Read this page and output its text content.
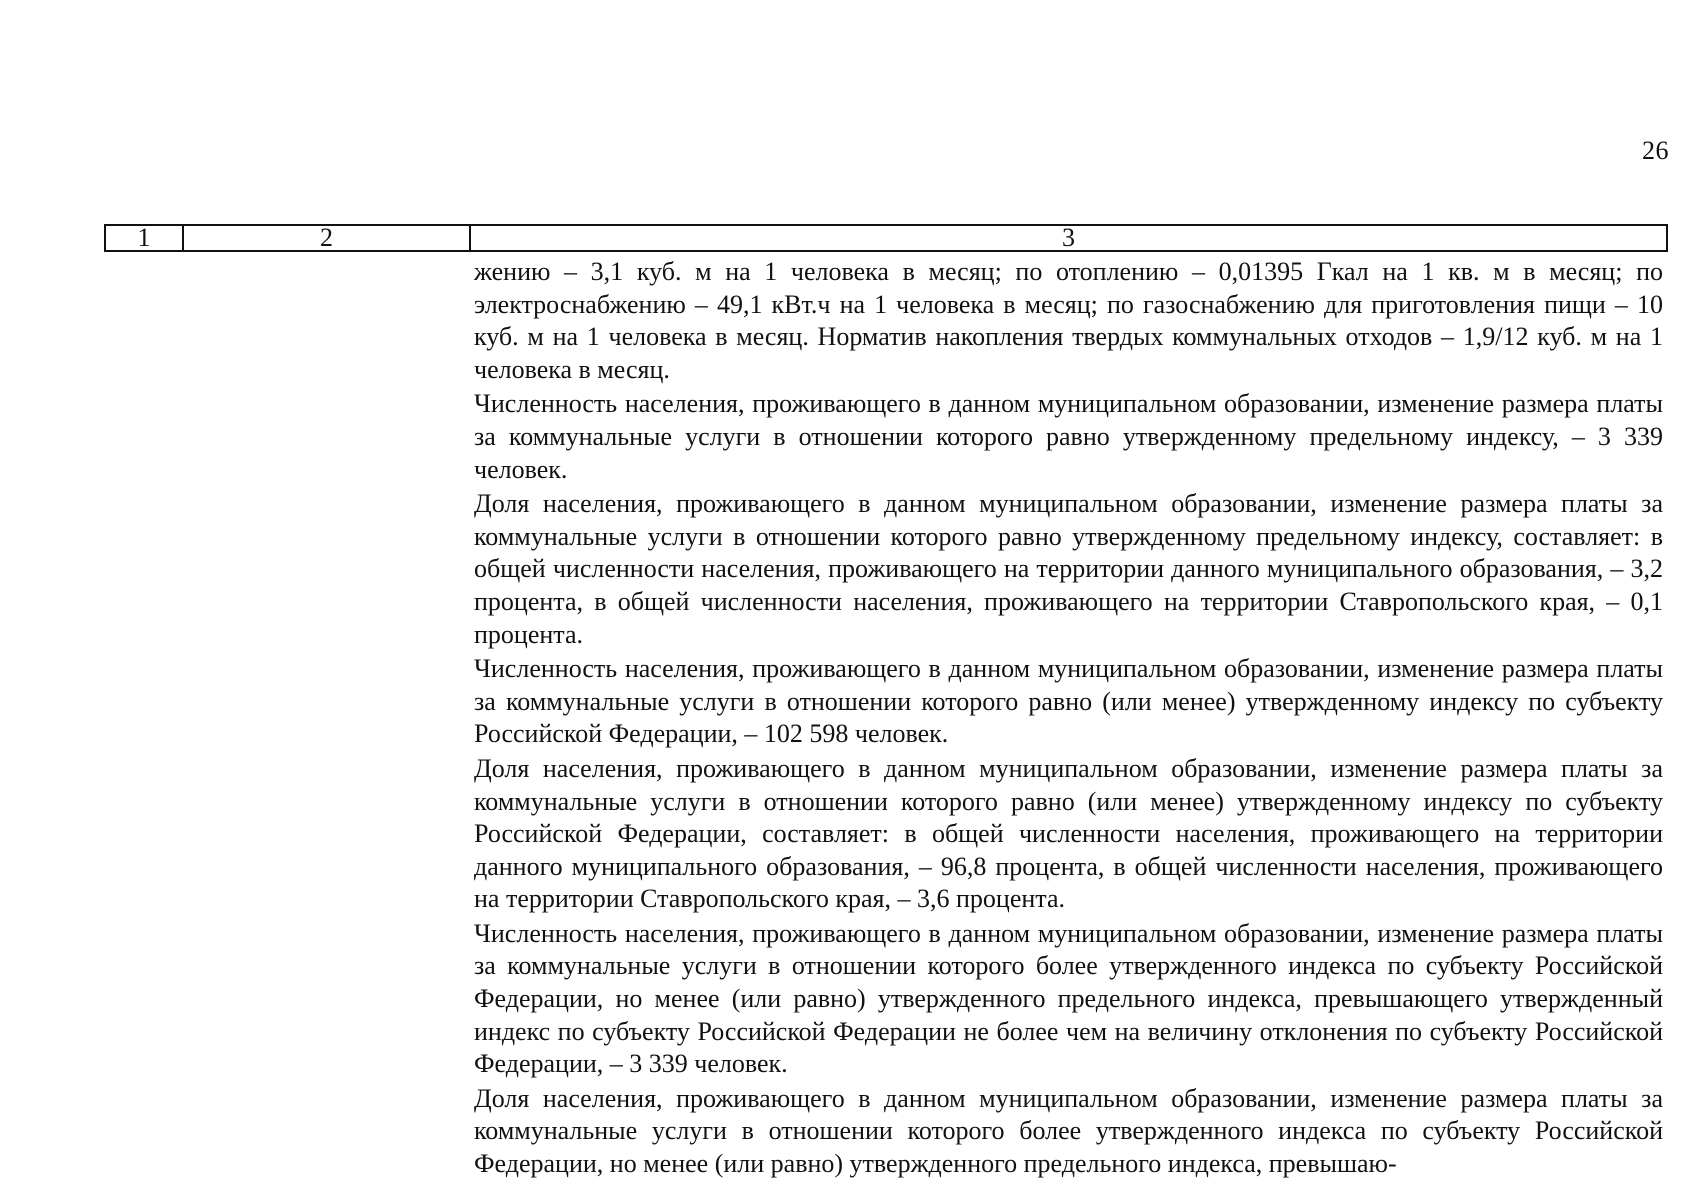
26
1	2	3

жению – 3,1 куб. м на 1 человека в месяц; по отоплению – 0,01395 Гкал на 1 кв. м в месяц; по электроснабжению – 49,1 кВт.ч на 1 человека в месяц; по газоснабжению для приготовления пищи – 10 куб. м на 1 человека в месяц. Норматив накопления твердых коммунальных отходов – 1,9/12 куб. м на 1 человека в месяц.

Численность населения, проживающего в данном муниципальном образовании, изменение размера платы за коммунальные услуги в отношении которого равно утвержденному предельному индексу, – 3 339 человек.

Доля населения, проживающего в данном муниципальном образовании, изменение размера платы за коммунальные услуги в отношении которого равно утвержденному предельному индексу, составляет: в общей численности населения, проживающего на территории данного муниципального образования, – 3,2 процента, в общей численности населения, проживающего на территории Ставропольского края, – 0,1 процента.

Численность населения, проживающего в данном муниципальном образовании, изменение размера платы за коммунальные услуги в отношении которого равно (или менее) утвержденному индексу по субъекту Российской Федерации, – 102 598 человек.

Доля населения, проживающего в данном муниципальном образовании, изменение размера платы за коммунальные услуги в отношении которого равно (или менее) утвержденному индексу по субъекту Российской Федерации, составляет: в общей численности населения, проживающего на территории данного муниципального образования, – 96,8 процента, в общей численности населения, проживающего на территории Ставропольского края, – 3,6 процента.

Численность населения, проживающего в данном муниципальном образовании, изменение размера платы за коммунальные услуги в отношении которого более утвержденного индекса по субъекту Российской Федерации, но менее (или равно) утвержденного предельного индекса, превышающего утвержденный индекс по субъекту Российской Федерации не более чем на величину отклонения по субъекту Российской Федерации, – 3 339 человек.

Доля населения, проживающего в данном муниципальном образовании, изменение размера платы за коммунальные услуги в отношении которого более утвержденного индекса по субъекту Российской Федерации, но менее (или равно) утвержденного предельного индекса, превышаю-
